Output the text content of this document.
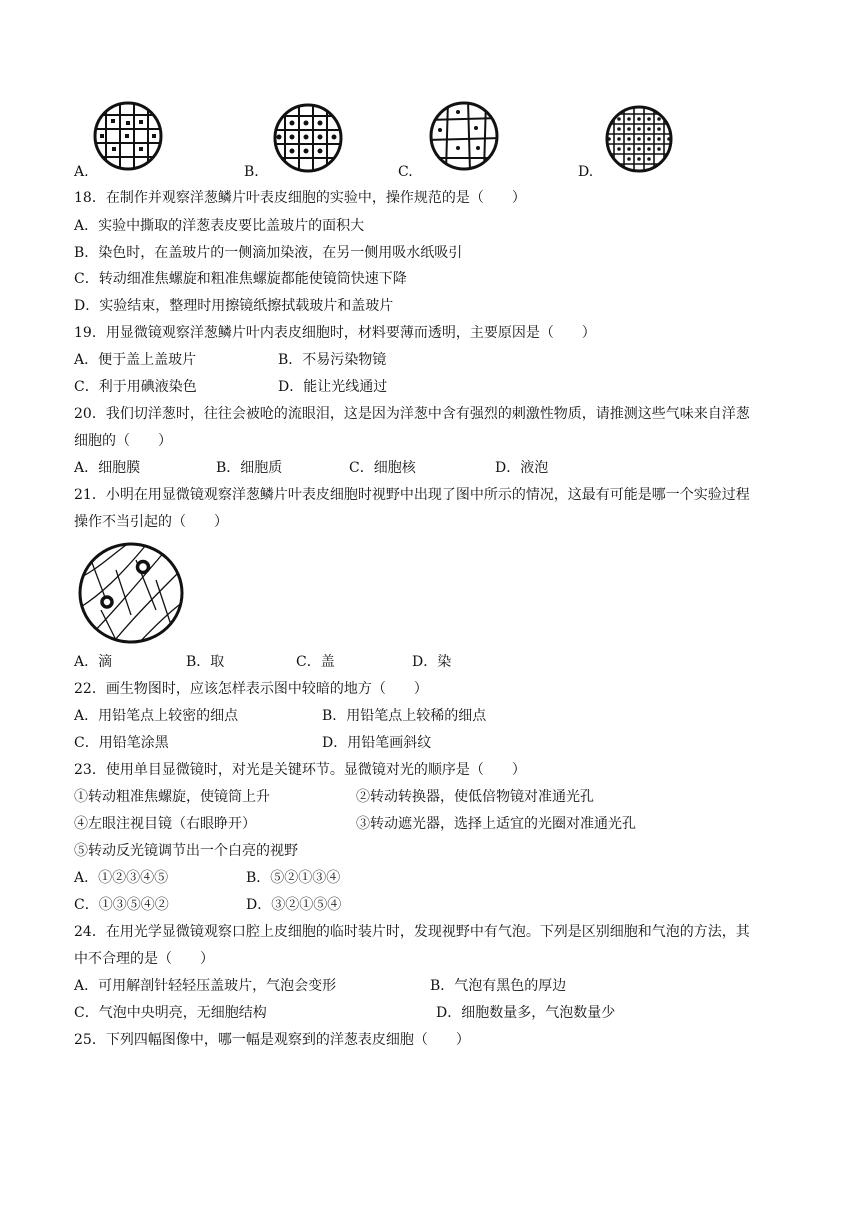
A.	B.	C.	D.
18．在制作并观察洋葱鳞片叶表皮细胞的实验中，操作规范的是（　　）
A．实验中撕取的洋葱表皮要比盖玻片的面积大
B．染色时，在盖玻片的一侧滴加染液，在另一侧用吸水纸吸引
C．转动细准焦螺旋和粗准焦螺旋都能使镜筒快速下降
D．实验结束，整理时用擦镜纸擦拭载玻片和盖玻片
19．用显微镜观察洋葱鳞片叶内表皮细胞时，材料要薄而透明，主要原因是（　　）
A．便于盖上盖玻片	B．不易污染物镜
C．利于用碘液染色	D．能让光线通过
20．我们切洋葱时，往往会被呛的流眼泪，这是因为洋葱中含有强烈的刺激性物质，请推测这些气味来自洋葱
细胞的（　　）
A．细胞膜	B．细胞质	C．细胞核	D．液泡
21．小明在用显微镜观察洋葱鳞片叶表皮细胞时视野中出现了图中所示的情况，这最有可能是哪一个实验过程
操作不当引起的（　　）
A．滴	B．取	C．盖	D．染
22．画生物图时，应该怎样表示图中较暗的地方（　　）
A．用铅笔点上较密的细点	B．用铅笔点上较稀的细点
C．用铅笔涂黑	D．用铅笔画斜纹
23．使用单目显微镜时，对光是关键环节。显微镜对光的顺序是（　　）
①转动粗准焦螺旋，使镜筒上升	②转动转换器，使低倍物镜对准通光孔
④左眼注视目镜（右眼睁开）	③转动遮光器，选择上适宜的光圈对准通光孔
⑤转动反光镜调节出一个白亮的视野
A．①②③④⑤	B．⑤②①③④
C．①③⑤④②	D．③②①⑤④
24．在用光学显微镜观察口腔上皮细胞的临时装片时，发现视野中有气泡。下列是区别细胞和气泡的方法，其
中不合理的是（　　）
A．可用解剖针轻轻压盖玻片，气泡会变形	B．气泡有黑色的厚边
C．气泡中央明亮，无细胞结构	D．细胞数量多，气泡数量少
25．下列四幅图像中，哪一幅是观察到的洋葱表皮细胞（　　）
